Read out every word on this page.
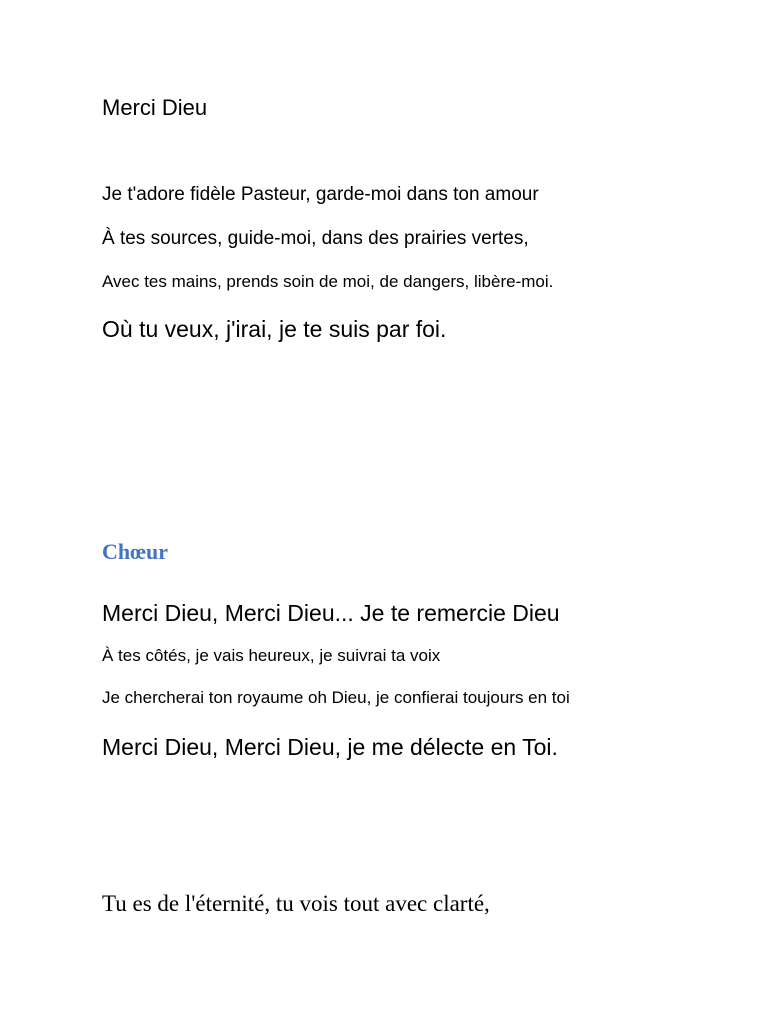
Merci Dieu

Je t'adore fidèle Pasteur, garde-moi dans ton amour

À tes sources, guide-moi, dans des prairies vertes,

Avec tes mains, prends soin de moi, de dangers, libère-moi.

Où tu veux, j'irai, je te suis par foi.

Chœur

Merci Dieu, Merci Dieu... Je te remercie Dieu

À tes côtés, je vais heureux, je suivrai ta voix

Je chercherai ton royaume oh Dieu, je confierai toujours en toi

Merci Dieu, Merci Dieu, je me délecte en Toi.

Tu es de l'éternité, tu vois tout avec clarté,
